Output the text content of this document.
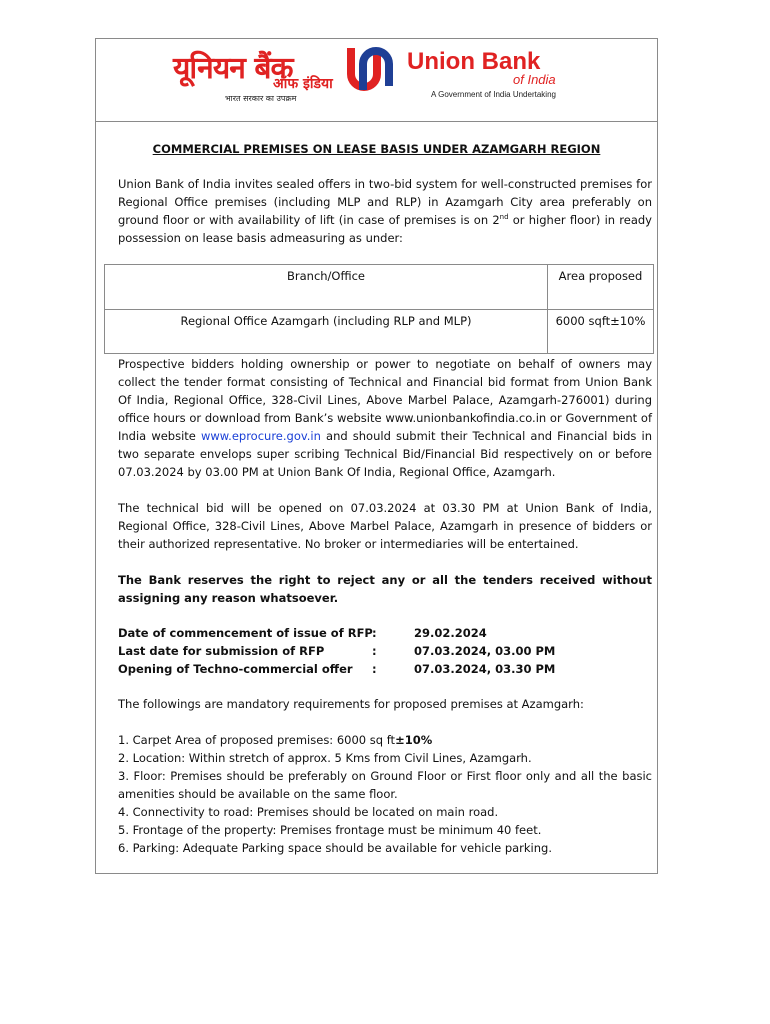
यूनियन बैंक
ऑफ इंडिया
भारत सरकार का उपक्रम
Union Bank
of India
A Government of India Undertaking
COMMERCIAL PREMISES ON LEASE BASIS UNDER AZAMGARH REGION

Union Bank of India invites sealed offers in two-bid system for well-constructed premises for Regional Office premises (including MLP and RLP) in Azamgarh City area preferably on ground floor or with availability of lift (in case of premises is on 2nd or higher floor) in ready possession on lease basis admeasuring as under:

Branch/Office	Area proposed
Regional Office Azamgarh (including RLP and MLP)	6000 sqft±10%

Prospective bidders holding ownership or power to negotiate on behalf of owners may collect the tender format consisting of Technical and Financial bid format from Union Bank Of India, Regional Office, 328-Civil Lines, Above Marbel Palace, Azamgarh-276001) during office hours or download from Bank’s website www.unionbankofindia.co.in or Government of India website www.eprocure.gov.in and should submit their Technical and Financial bids in two separate envelops super scribing Technical Bid/Financial Bid respectively on or before 07.03.2024 by 03.00 PM at Union Bank Of India, Regional Office, Azamgarh.

The technical bid will be opened on 07.03.2024 at 03.30 PM at Union Bank of India, Regional Office, 328-Civil Lines, Above Marbel Palace, Azamgarh in presence of bidders or their authorized representative. No broker or intermediaries will be entertained.

The Bank reserves the right to reject any or all the tenders received without assigning any reason whatsoever.

Date of commencement of issue of RFP :	29.02.2024
Last date for submission of RFP	:	07.03.2024, 03.00 PM
Opening of Techno-commercial offer :	07.03.2024, 03.30 PM

The followings are mandatory requirements for proposed premises at Azamgarh:

1. Carpet Area of proposed premises: 6000 sq ft±10%

2. Location: Within stretch of approx. 5 Kms from Civil Lines, Azamgarh.

3. Floor: Premises should be preferably on Ground Floor or First floor only and all the basic amenities should be available on the same floor.

4. Connectivity to road: Premises should be located on main road.

5. Frontage of the property: Premises frontage must be minimum 40 feet.

6. Parking: Adequate Parking space should be available for vehicle parking.
